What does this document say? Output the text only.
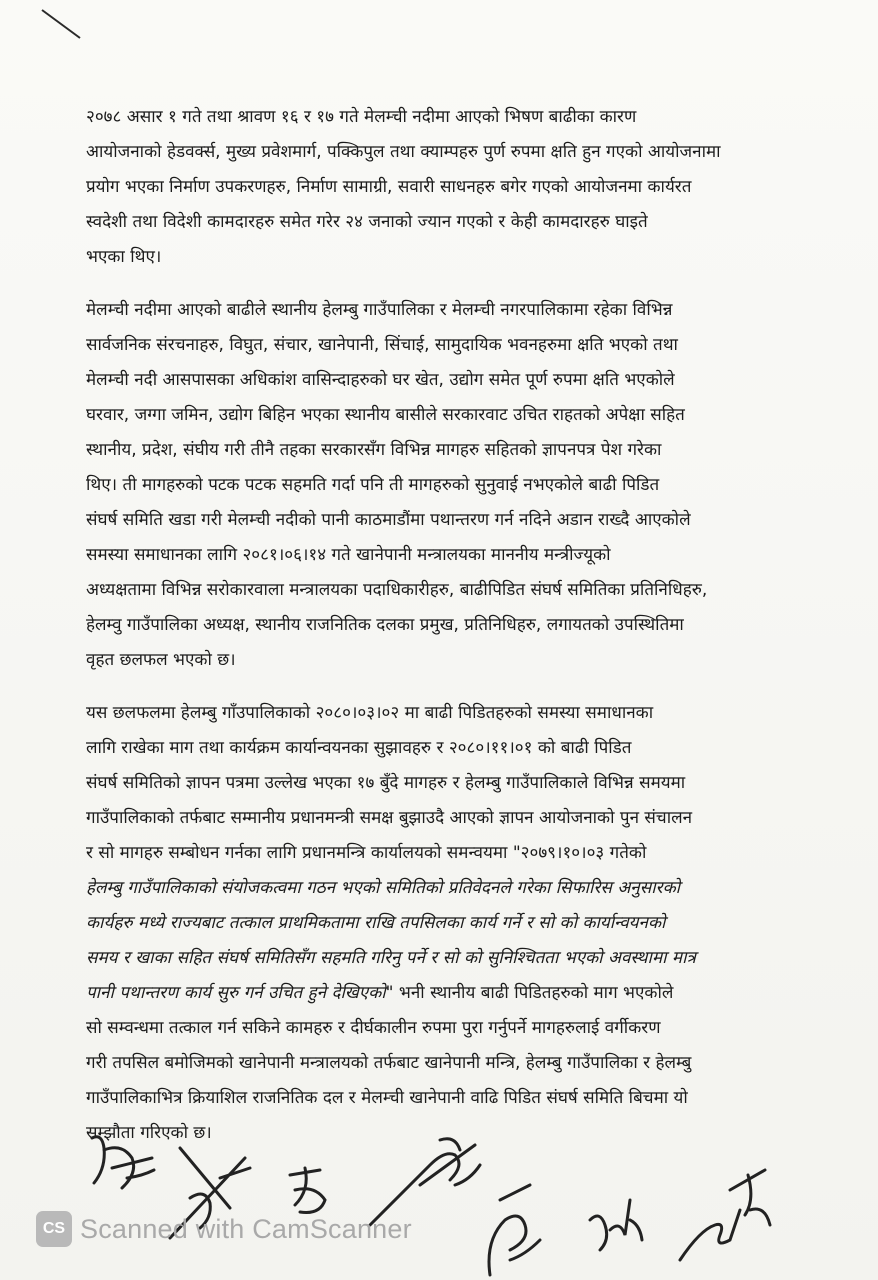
२०७८ असार १ गते तथा श्रावण १६ र १७ गते मेलम्ची नदीमा आएको भिषण बाढीका कारण
आयोजनाको हेडवर्क्स, मुख्य प्रवेशमार्ग, पक्किपुल तथा क्याम्पहरु पुर्ण रुपमा क्षति हुन गएको आयोजनामा
प्रयोग भएका निर्माण उपकरणहरु, निर्माण सामाग्री, सवारी साधनहरु बगेर गएको आयोजनमा कार्यरत
स्वदेशी तथा विदेशी कामदारहरु समेत गरेर २४ जनाको ज्यान गएको र केही कामदारहरु घाइते
भएका थिए।

मेलम्ची नदीमा आएको बाढीले स्थानीय हेलम्बु गाउँपालिका र मेलम्ची नगरपालिकामा रहेका विभिन्न
सार्वजनिक संरचनाहरु, विघुत, संचार, खानेपानी, सिंचाई, सामुदायिक भवनहरुमा क्षति भएको तथा
मेलम्ची नदी आसपासका अधिकांश वासिन्दाहरुको घर खेत, उद्योग समेत पूर्ण रुपमा क्षति भएकोले
घरवार, जग्गा जमिन, उद्योग बिहिन भएका स्थानीय बासीले सरकारवाट उचित राहतको अपेक्षा सहित
स्थानीय, प्रदेश, संघीय गरी तीनै तहका सरकारसँग विभिन्न मागहरु सहितको ज्ञापनपत्र पेश गरेका
थिए। ती मागहरुको पटक पटक सहमति गर्दा पनि ती मागहरुको सुनुवाई नभएकोले बाढी पिडित
संघर्ष समिति खडा गरी मेलम्ची नदीको पानी काठमाडौंमा पथान्तरण गर्न नदिने अडान राख्दै आएकोले
समस्या समाधानका लागि २०८१।०६।१४ गते खानेपानी मन्त्रालयका माननीय मन्त्रीज्यूको
अध्यक्षतामा विभिन्न सरोकारवाला मन्त्रालयका पदाधिकारीहरु, बाढीपिडित संघर्ष समितिका प्रतिनिधिहरु,
हेलम्वु गाउँपालिका अध्यक्ष, स्थानीय राजनितिक दलका प्रमुख, प्रतिनिधिहरु, लगायतको उपस्थितिमा
वृहत छलफल भएको छ।

यस छलफलमा हेलम्बु गाँउपालिकाको २०८०।०३।०२ मा बाढी पिडितहरुको समस्या समाधानका
लागि राखेका माग तथा कार्यक्रम कार्यान्वयनका सुझावहरु र २०८०।११।०१ को बाढी पिडित
संघर्ष समितिको ज्ञापन पत्रमा उल्लेख भएका १७ बुँदे मागहरु र हेलम्बु गाउँपालिकाले विभिन्न समयमा
गाउँपालिकाको तर्फबाट सम्मानीय प्रधानमन्त्री समक्ष बुझाउदै आएको ज्ञापन आयोजनाको पुन संचालन
र सो मागहरु सम्बोधन गर्नका लागि प्रधानमन्त्रि कार्यालयको समन्वयमा "२०७९।१०।०३ गतेको
हेलम्बु गाउँपालिकाको संयोजकत्वमा गठन भएको समितिको प्रतिवेदनले गरेका सिफारिस अनुसारको
कार्यहरु मध्ये राज्यबाट तत्काल प्राथमिकतामा राखि तपसिलका कार्य गर्ने र सो को कार्यान्वयनको
समय र खाका सहित संघर्ष समितिसँग सहमति गरिनु पर्ने र सो को सुनिश्चितता भएको अवस्थामा मात्र
पानी पथान्तरण कार्य सुरु गर्न उचित हुने देखिएको" भनी स्थानीय बाढी पिडितहरुको माग भएकोले
सो सम्वन्धमा तत्काल गर्न सकिने कामहरु र दीर्घकालीन रुपमा पुरा गर्नुपर्ने मागहरुलाई वर्गीकरण
गरी तपसिल बमोजिमको खानेपानी मन्त्रालयको तर्फबाट खानेपानी मन्त्रि, हेलम्बु गाउँपालिका र हेलम्बु
गाउँपालिकाभित्र क्रियाशिल राजनितिक दल र मेलम्ची खानेपानी वाढि पिडित संघर्ष समिति बिचमा यो
सम्झौता गरिएको छ।

CS Scanned with CamScanner
